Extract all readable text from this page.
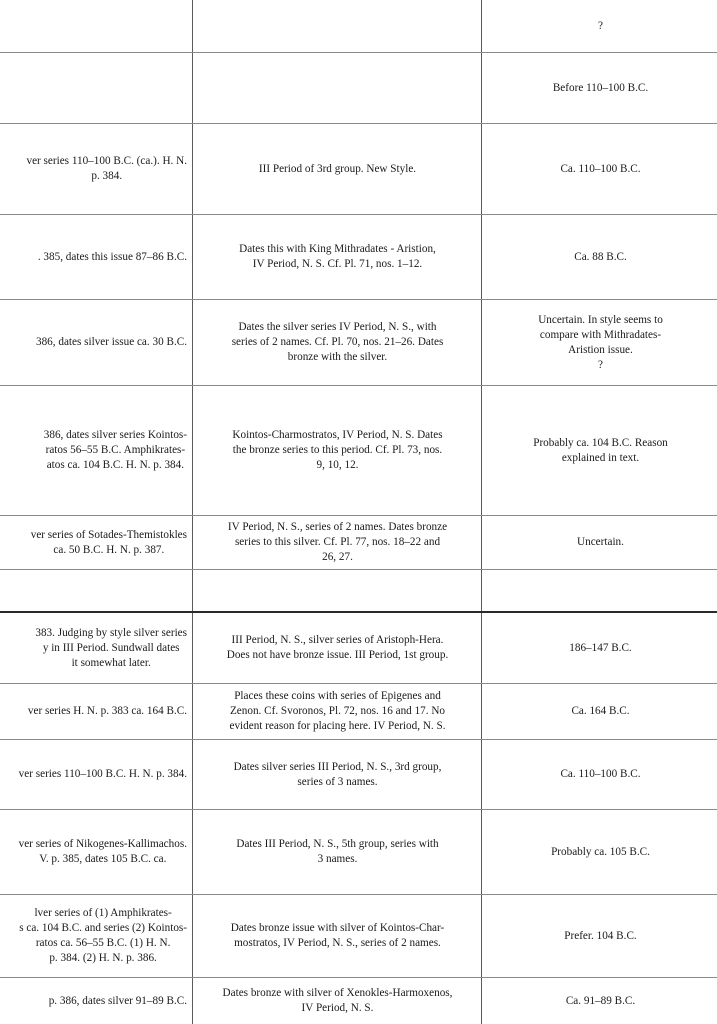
?
Before 110–100 B.C.
ver series 110–100 B.C. (ca.). H. N.
p. 384.
III Period of 3rd group. New Style.	Ca. 110–100 B.C.
. 385, dates this issue 87–86 B.C.
Dates this with King Mithradates - Aristion,
IV Period, N. S. Cf. Pl. 71, nos. 1–12.
Ca. 88 B.C.
386, dates silver issue ca. 30 B.C.
Dates the silver series IV Period, N. S., with
series of 2 names. Cf. Pl. 70, nos. 21–26. Dates
bronze with the silver.
Uncertain. In style seems to
compare with Mithradates-
Aristion issue.
?
386, dates silver series Kointos-
ratos 56–55 B.C. Amphikrates-
atos ca. 104 B.C. H. N. p. 384.
Kointos-Charmostratos, IV Period, N. S. Dates
the bronze series to this period. Cf. Pl. 73, nos.
9, 10, 12.
Probably ca. 104 B.C. Reason
explained in text.
ver series of Sotades-Themistokles
ca. 50 B.C. H. N. p. 387.
IV Period, N. S., series of 2 names. Dates bronze
series to this silver. Cf. Pl. 77, nos. 18–22 and
26, 27.
Uncertain.
383. Judging by style silver series
y in III Period. Sundwall dates
it somewhat later.
III Period, N. S., silver series of Aristoph-Hera.
Does not have bronze issue. III Period, 1st group.
186–147 B.C.
ver series H. N. p. 383 ca. 164 B.C.
Places these coins with series of Epigenes and
Zenon. Cf. Svoronos, Pl. 72, nos. 16 and 17. No
evident reason for placing here. IV Period, N. S.
Ca. 164 B.C.
ver series 110–100 B.C. H. N. p. 384.
Dates silver series III Period, N. S., 3rd group,
series of 3 names.
Ca. 110–100 B.C.
ver series of Nikogenes-Kallimachos.
V. p. 385, dates 105 B.C. ca.
Dates III Period, N. S., 5th group, series with
3 names.
Probably ca. 105 B.C.
lver series of (1) Amphikrates-
s ca. 104 B.C. and series (2) Kointos-
ratos ca. 56–55 B.C. (1) H. N.
p. 384. (2) H. N. p. 386.
Dates bronze issue with silver of Kointos-Char-
mostratos, IV Period, N. S., series of 2 names.
Prefer. 104 B.C.
p. 386, dates silver 91–89 B.C.
Dates bronze with silver of Xenokles-Harmoxenos,
IV Period, N. S.
Ca. 91–89 B.C.
